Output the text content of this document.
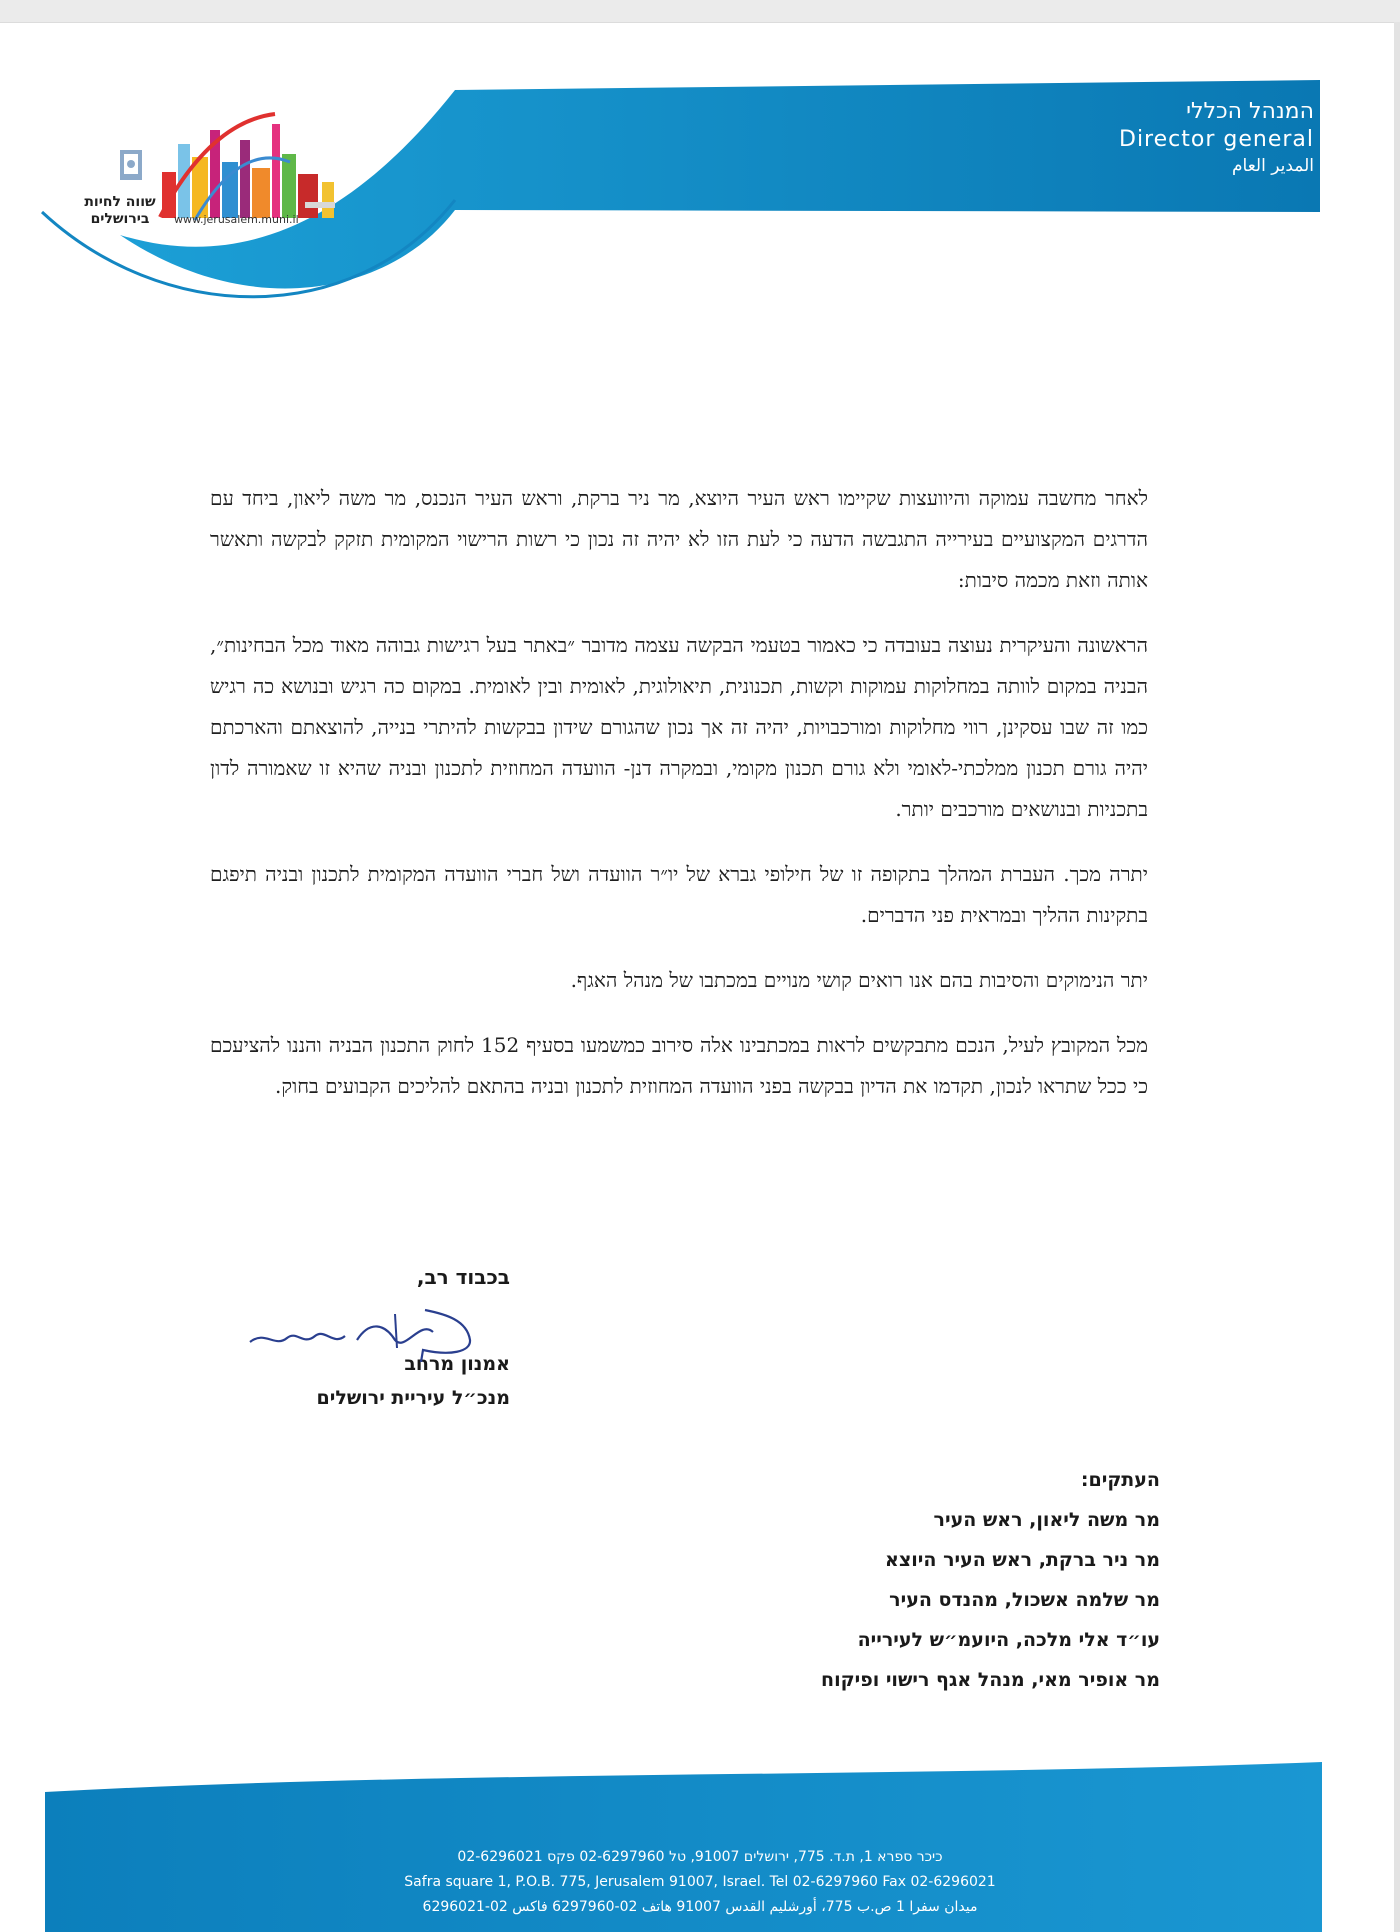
המנהל הכללי
Director general
المدير العام
שווה לחיות בירושלים	www.jerusalem.muni.il

לאחר מחשבה עמוקה והיוועצות שקיימו ראש העיר היוצא, מר ניר ברקת, וראש העיר הנכנס, מר משה ליאון, ביחד עם הדרגים המקצועיים בעירייה התגבשה הדעה כי לעת הזו לא יהיה זה נכון כי רשות הרישוי המקומית תזקק לבקשה ותאשר אותה וזאת מכמה סיבות:

הראשונה והעיקרית נעוצה בעובדה כי כאמור בטעמי הבקשה עצמה מדובר ״באתר בעל רגישות גבוהה מאוד מכל הבחינות״, הבניה במקום לוותה במחלוקות עמוקות וקשות, תכנונית, תיאולוגית, לאומית ובין לאומית. במקום כה רגיש ובנושא כה רגיש כמו זה שבו עסקינן, רווי מחלוקות ומורכבויות, יהיה זה אך נכון שהגורם שידון בבקשות להיתרי בנייה, להוצאתם והארכתם יהיה גורם תכנון ממלכתי-לאומי ולא גורם תכנון מקומי, ובמקרה דנן- הוועדה המחוזית לתכנון ובניה שהיא זו שאמורה לדון בתכניות ובנושאים מורכבים יותר.

יתרה מכך. העברת המהלך בתקופה זו של חילופי גברא של יו״ר הוועדה ושל חברי הוועדה המקומית לתכנון ובניה תיפגם בתקינות ההליך ובמראית פני הדברים.

יתר הנימוקים והסיבות בהם אנו רואים קושי מנויים במכתבו של מנהל האגף.

מכל המקובץ לעיל, הנכם מתבקשים לראות במכתבינו אלה סירוב כמשמעו בסעיף 152 לחוק התכנון הבניה והננו להציעכם כי ככל שתראו לנכון, תקדמו את הדיון בבקשה בפני הוועדה המחוזית לתכנון ובניה בהתאם להליכים הקבועים בחוק.

בכבוד רב,
אמנון מרחב
מנכ״ל עיריית ירושלים
העתקים:
מר משה ליאון, ראש העיר
מר ניר ברקת, ראש העיר היוצא
מר שלמה אשכול, מהנדס העיר
עו״ד אלי מלכה, היועמ״ש לעירייה
מר אופיר מאי, מנהל אגף רישוי ופיקוח
כיכר ספרא 1, ת.ד. 775, ירושלים 91007, טל 02-6297960 פקס 02-6296021
Safra square 1, P.O.B. 775, Jerusalem 91007, Israel. Tel 02-6297960 Fax 02-6296021
ميدان سفرا 1 ص.ب 775، أورشليم القدس 91007 هاتف 02-6297960 فاكس 02-6296021
